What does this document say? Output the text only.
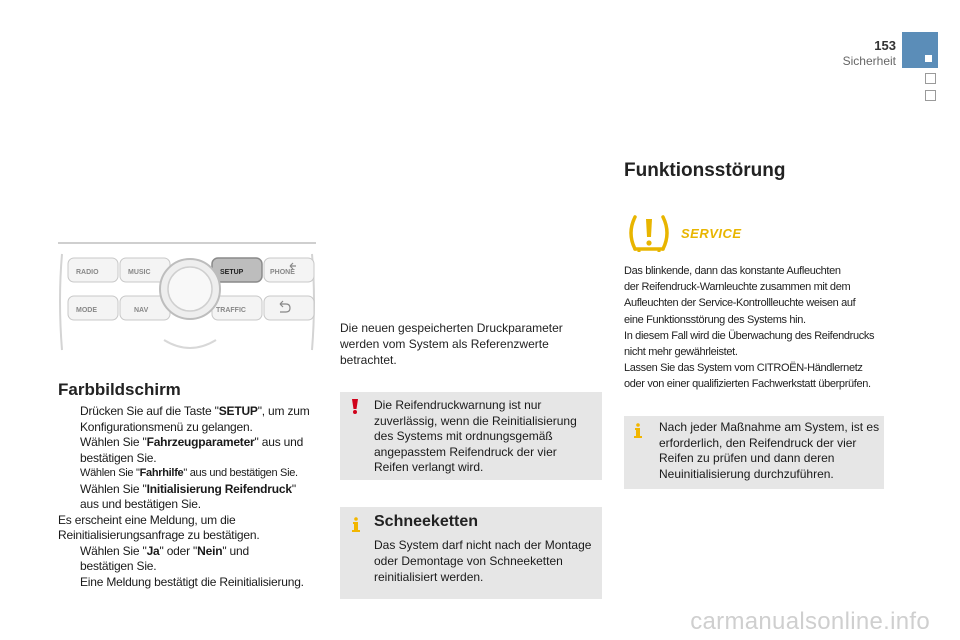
153
Sicherheit
RADIO	MUSIC	SETUP	PHONE
MODE	NAV	TRAFFIC
Farbbildschirm
Drücken Sie auf die Taste "SETUP", um zum
Konfigurationsmenü zu gelangen.
Wählen Sie "Fahrzeugparameter" aus und
bestätigen Sie.
Wählen Sie "Fahrhilfe" aus und bestätigen Sie.
Wählen Sie "Initialisierung Reifendruck"
aus und bestätigen Sie.
Es erscheint eine Meldung, um die
Reinitialisierungsanfrage zu bestätigen.
Wählen Sie "Ja" oder "Nein" und
bestätigen Sie.
Eine Meldung bestätigt die Reinitialisierung.
Die neuen gespeicherten Druckparameter werden vom System als Referenzwerte betrachtet.
Die Reifendruckwarnung ist nur zuverlässig, wenn die Reinitialisierung des Systems mit ordnungsgemäß angepasstem Reifendruck der vier Reifen verlangt wird.
Schneeketten
Das System darf nicht nach der Montage oder Demontage von Schneeketten reinitialisiert werden.
Funktionsstörung
SERVICE
Das blinkende, dann das konstante Aufleuchten
der Reifendruck-Warnleuchte zusammen mit dem
Aufleuchten der Service-Kontrollleuchte weisen auf
eine Funktionsstörung des Systems hin.
In diesem Fall wird die Überwachung des Reifendrucks
nicht mehr gewährleistet.
Lassen Sie das System vom CITROËN-Händlernetz
oder von einer qualifizierten Fachwerkstatt überprüfen.
Nach jeder Maßnahme am System, ist es erforderlich, den Reifendruck der vier Reifen zu prüfen und dann deren Neuinitialisierung durchzuführen.
carmanualsonline.info
